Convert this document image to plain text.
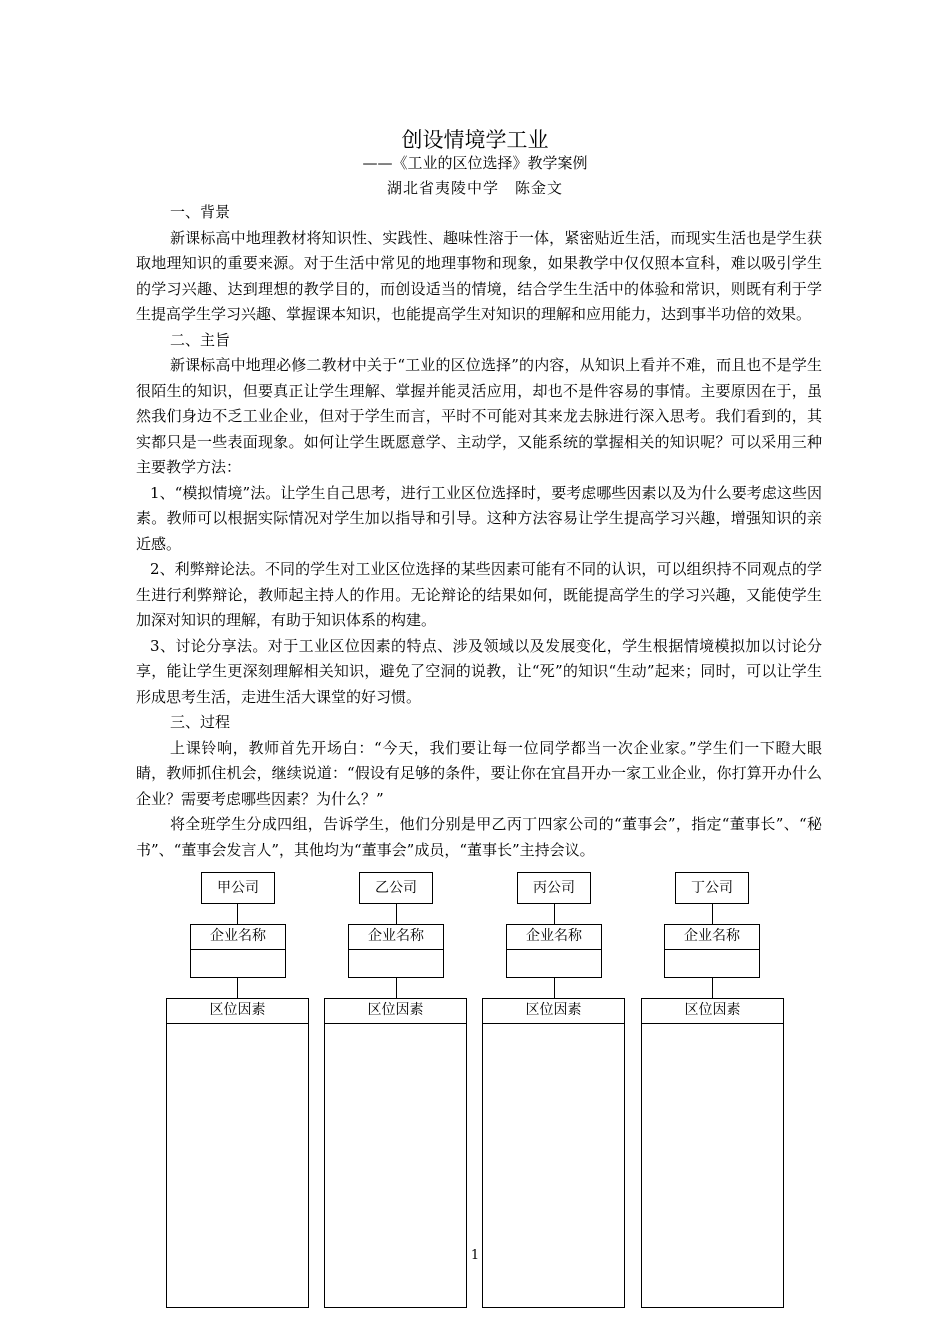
创设情境学工业
——《工业的区位选择》教学案例
湖北省夷陵中学　陈金文

一、背景

新课标高中地理教材将知识性、实践性、趣味性溶于一体，紧密贴近生活，而现实生活也是学生获取地理知识的重要来源。对于生活中常见的地理事物和现象，如果教学中仅仅照本宣科，难以吸引学生的学习兴趣、达到理想的教学目的，而创设适当的情境，结合学生生活中的体验和常识，则既有利于学生提高学生学习兴趣、掌握课本知识，也能提高学生对知识的理解和应用能力，达到事半功倍的效果。

二、主旨

新课标高中地理必修二教材中关于“工业的区位选择”的内容，从知识上看并不难，而且也不是学生很陌生的知识，但要真正让学生理解、掌握并能灵活应用，却也不是件容易的事情。主要原因在于，虽然我们身边不乏工业企业，但对于学生而言，平时不可能对其来龙去脉进行深入思考。我们看到的，其实都只是一些表面现象。如何让学生既愿意学、主动学，又能系统的掌握相关的知识呢？可以采用三种主要教学方法：

1、“模拟情境”法。让学生自己思考，进行工业区位选择时，要考虑哪些因素以及为什么要考虑这些因素。教师可以根据实际情况对学生加以指导和引导。这种方法容易让学生提高学习兴趣，增强知识的亲近感。

2、利弊辩论法。不同的学生对工业区位选择的某些因素可能有不同的认识，可以组织持不同观点的学生进行利弊辩论，教师起主持人的作用。无论辩论的结果如何，既能提高学生的学习兴趣，又能使学生加深对知识的理解，有助于知识体系的构建。

3、讨论分享法。对于工业区位因素的特点、涉及领域以及发展变化，学生根据情境模拟加以讨论分享，能让学生更深刻理解相关知识，避免了空洞的说教，让“死”的知识“生动”起来；同时，可以让学生形成思考生活，走进生活大课堂的好习惯。

三、过程

上课铃响，教师首先开场白：“今天，我们要让每一位同学都当一次企业家。”学生们一下瞪大眼睛，教师抓住机会，继续说道：“假设有足够的条件，要让你在宜昌开办一家工业企业，你打算开办什么企业？需要考虑哪些因素？为什么？”

将全班学生分成四组，告诉学生，他们分别是甲乙丙丁四家公司的“董事会”，指定“董事长”、“秘书”、“董事会发言人”，其他均为“董事会”成员，“董事长”主持会议。

甲公司
企业名称
区位因素
乙公司
企业名称
区位因素
丙公司
企业名称
区位因素
丁公司
企业名称
区位因素
1
